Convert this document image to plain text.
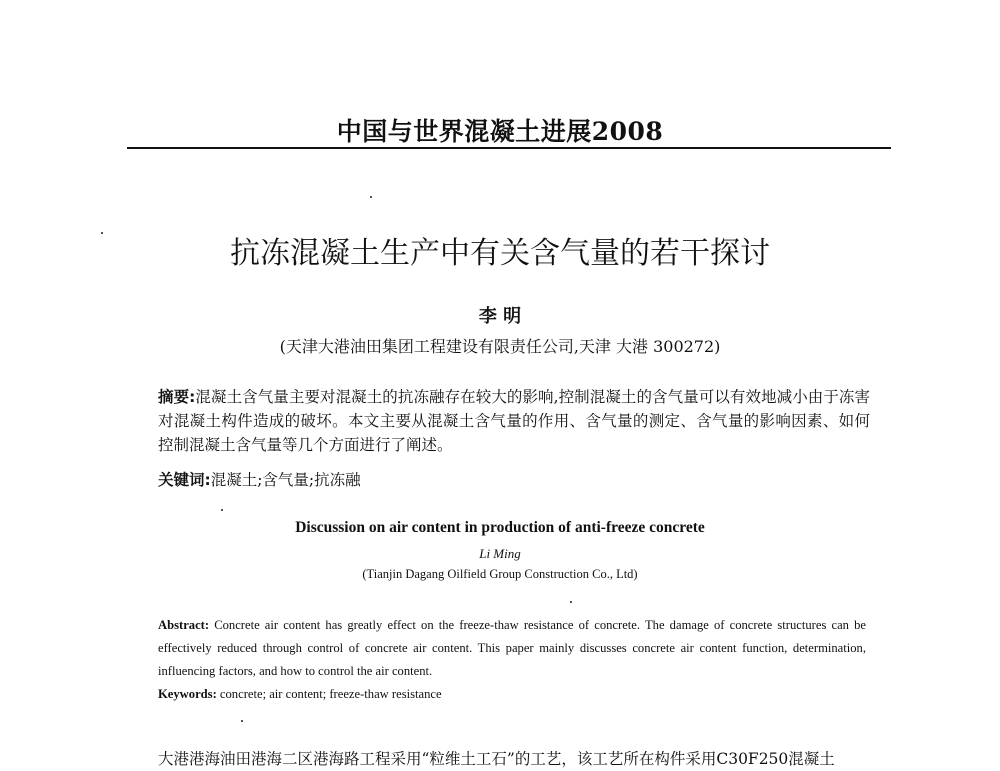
中国与世界混凝土进展2008
抗冻混凝土生产中有关含气量的若干探讨
李 明
(天津大港油田集团工程建设有限责任公司,天津 大港 300272)
摘要:混凝土含气量主要对混凝土的抗冻融存在较大的影响,控制混凝土的含气量可以有效地减小由于冻害对混凝土构件造成的破坏。本文主要从混凝土含气量的作用、含气量的测定、含气量的影响因素、如何控制混凝土含气量等几个方面进行了阐述。
关键词:混凝土;含气量;抗冻融
Discussion on air content in production of anti-freeze concrete
Li Ming
(Tianjin Dagang Oilfield Group Construction Co., Ltd)
Abstract: Concrete air content has greatly effect on the freeze-thaw resistance of concrete. The damage of concrete structures can be effectively reduced through control of concrete air content. This paper mainly discusses concrete air content function, determination, influencing factors, and how to control the air content.
Keywords: concrete; air content; freeze-thaw resistance
大港港海油田港海二区港海路工程采用“粒维土工石”的工艺，该工艺所在构件采用C30F250混凝土
